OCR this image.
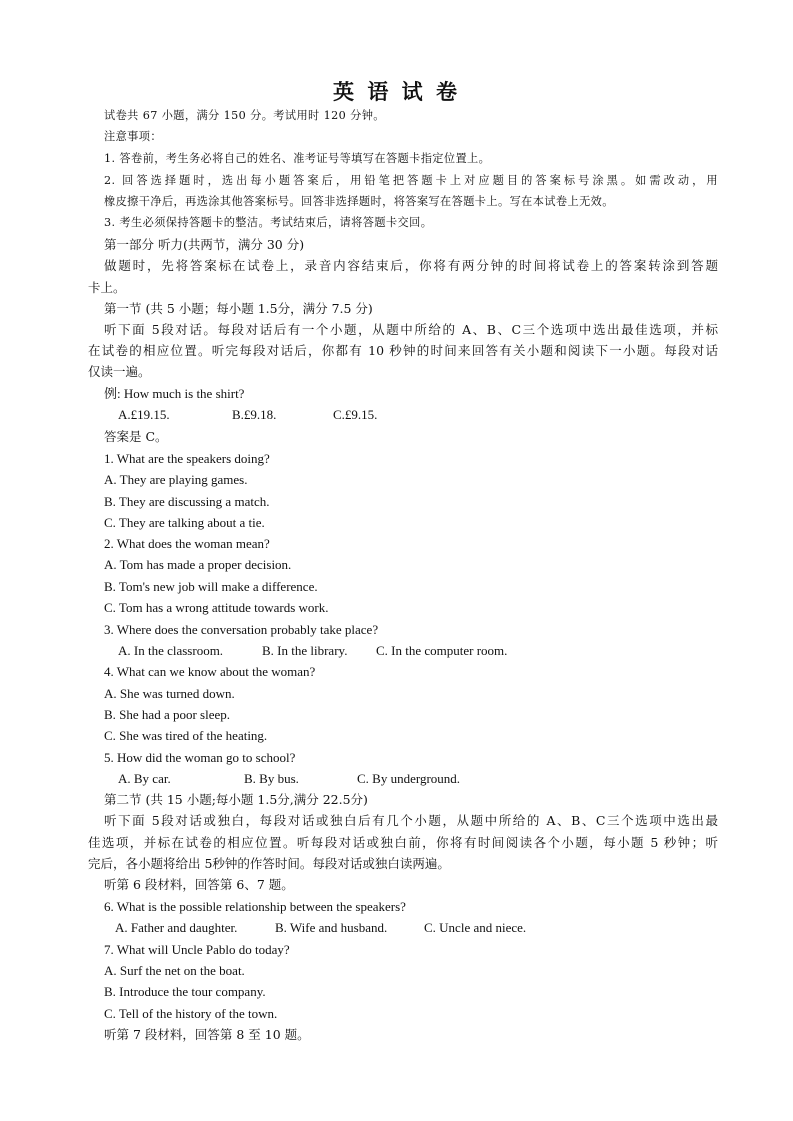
英 语 试 卷
试卷共 67 小题，满分 150 分。考试用时 120 分钟。
注意事项：
1. 答卷前，考生务必将自己的姓名、准考证号等填写在答题卡指定位置上。
2. 回答选择题时，选出每小题答案后，用铅笔把答题卡上对应题目的答案标号涂黑。如需改动，用
橡皮擦干净后，再选涂其他答案标号。回答非选择题时，将答案写在答题卡上。写在本试卷上无效。
3. 考生必须保持答题卡的整洁。考试结束后，请将答题卡交回。
第一部分 听力(共两节，满分 30 分)
做题时，先将答案标在试卷上，录音内容结束后，你将有两分钟的时间将试卷上的答案转涂到答题
卡上。
第一节 (共 5 小题；每小题 1.5分，满分 7.5 分)
听下面 5段对话。每段对话后有一个小题，从题中所给的 A、B、C三个选项中选出最佳选项，并标
在试卷的相应位置。听完每段对话后，你都有 10 秒钟的时间来回答有关小题和阅读下一小题。每段对话
仅读一遍。
例: How much is the shirt?
A.£19.15.	B.£9.18.	C.£9.15.
答案是 C。
1. What are the speakers doing?
A. They are playing games.
B. They are discussing a match.
C. They are talking about a tie.
2. What does the woman mean?
A. Tom has made a proper decision.
B. Tom's new job will make a difference.
C. Tom has a wrong attitude towards work.
3. Where does the conversation probably take place?
A. In the classroom.	B. In the library. C. In the computer room.
4. What can we know about the woman?
A. She was turned down.
B. She had a poor sleep.
C. She was tired of the heating.
5. How did the woman go to school?
A. By car.	B. By bus.	C. By underground.
第二节 (共 15 小题;每小题 1.5分,满分 22.5分)
听下面 5段对话或独白，每段对话或独白后有几个小题，从题中所给的 A、B、C三个选项中选出最
佳选项，并标在试卷的相应位置。听每段对话或独白前，你将有时间阅读各个小题，每小题 5 秒钟；听
完后，各小题将给出 5秒钟的作答时间。每段对话或独白读两遍。
听第 6 段材料，回答第 6、7 题。
6. What is the possible relationship between the speakers?
A. Father and daughter.	B. Wife and husband.	C. Uncle and niece.
7. What will Uncle Pablo do today?
A. Surf the net on the boat.
B. Introduce the tour company.
C. Tell of the history of the town.
听第 7 段材料，回答第 8 至 10 题。
